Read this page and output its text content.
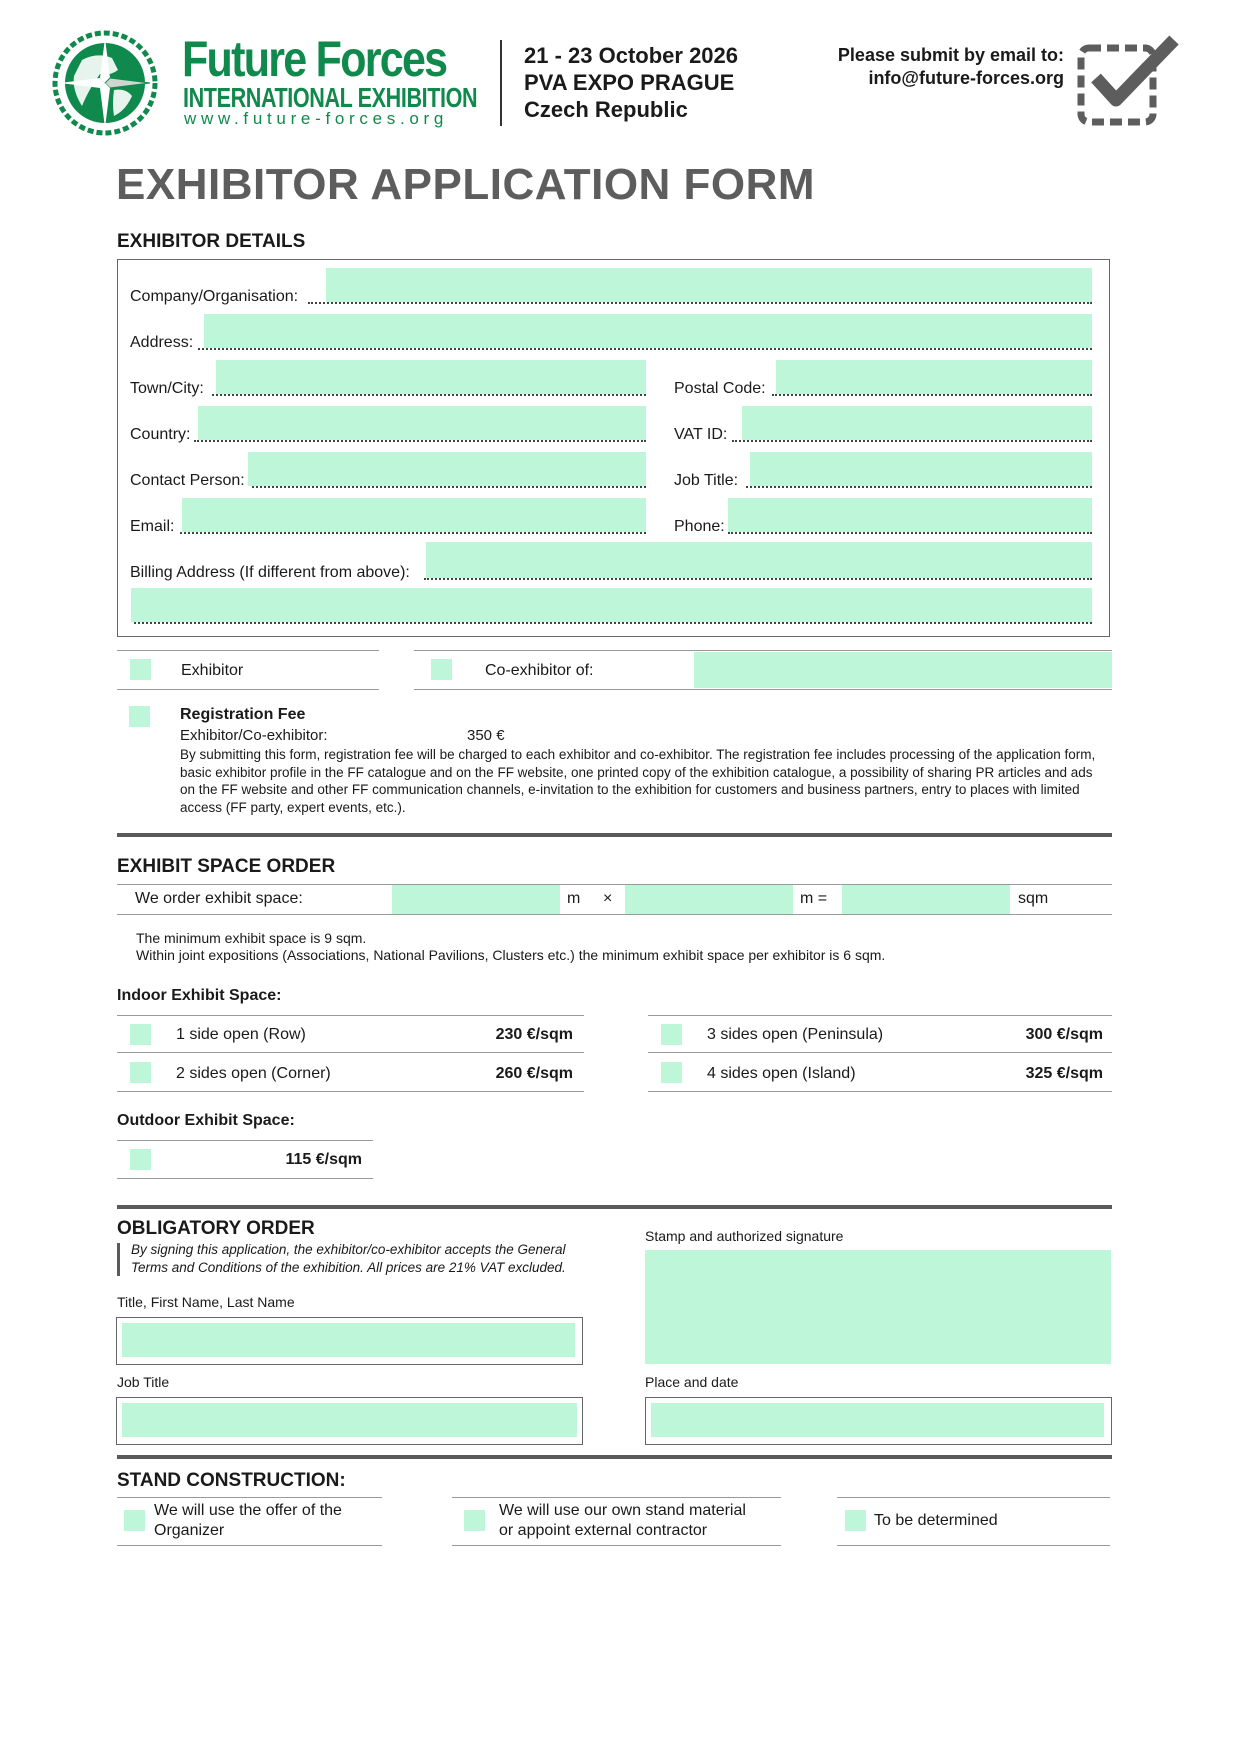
Future Forces
INTERNATIONAL EXHIBITION
www.future-forces.org
21 - 23 October 2026
PVA EXPO PRAGUE
Czech Republic
Please submit by email to:
info@future-forces.org
EXHIBITOR APPLICATION FORM
EXHIBITOR DETAILS
Company/Organisation:
Address:
Town/City:	Postal Code:
Country:	VAT ID:
Contact Person:	Job Title:
Email:	Phone:
Billing Address (If different from above):
Exhibitor	Co-exhibitor of:
Registration Fee
Exhibitor/Co-exhibitor:	350 €
By submitting this form, registration fee will be charged to each exhibitor and co-exhibitor. The registration fee includes processing of the application form, basic exhibitor profile in the FF catalogue and on the FF website, one printed copy of the exhibition catalogue, a possibility of sharing PR articles and ads on the FF website and other FF communication channels, e-invitation to the exhibition for customers and business partners, entry to places with limited access (FF party, expert events, etc.).
EXHIBIT SPACE ORDER
We order exhibit space:	m ×	m =	sqm
The minimum exhibit space is 9 sqm.
Within joint expositions (Associations, National Pavilions, Clusters etc.) the minimum exhibit space per exhibitor is 6 sqm.
Indoor Exhibit Space:
1 side open (Row)	230 €/sqm
2 sides open (Corner)	260 €/sqm
3 sides open (Peninsula)	300 €/sqm
4 sides open (Island)	325 €/sqm
Outdoor Exhibit Space:
115 €/sqm
OBLIGATORY ORDER
By signing this application, the exhibitor/co-exhibitor accepts the General
Terms and Conditions of the exhibition. All prices are 21% VAT excluded.
Title, First Name, Last Name
Job Title
Stamp and authorized signature
Place and date
STAND CONSTRUCTION:
We will use the offer of the
Organizer
We will use our own stand material
or appoint external contractor
To be determined
